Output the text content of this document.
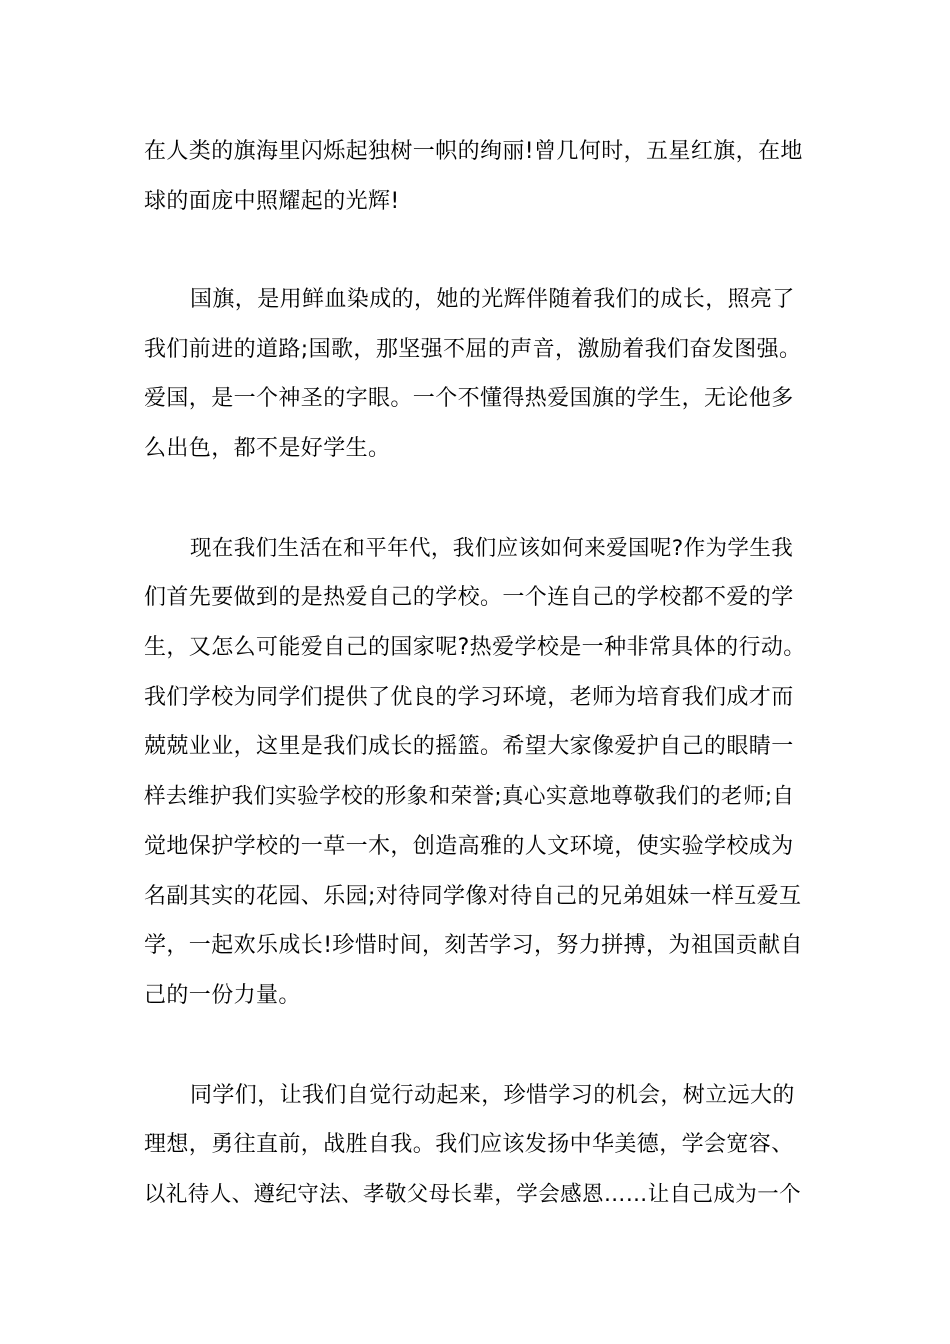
在人类的旗海里闪烁起独树一帜的绚丽!曾几何时，五星红旗，在地
球的面庞中照耀起的光辉!
国旗，是用鲜血染成的，她的光辉伴随着我们的成长，照亮了
我们前进的道路;国歌，那坚强不屈的声音，激励着我们奋发图强。
爱国，是一个神圣的字眼。一个不懂得热爱国旗的学生，无论他多
么出色，都不是好学生。
现在我们生活在和平年代，我们应该如何来爱国呢?作为学生我
们首先要做到的是热爱自己的学校。一个连自己的学校都不爱的学
生，又怎么可能爱自己的国家呢?热爱学校是一种非常具体的行动。
我们学校为同学们提供了优良的学习环境，老师为培育我们成才而
兢兢业业，这里是我们成长的摇篮。希望大家像爱护自己的眼睛一
样去维护我们实验学校的形象和荣誉;真心实意地尊敬我们的老师;自
觉地保护学校的一草一木，创造高雅的人文环境，使实验学校成为
名副其实的花园、乐园;对待同学像对待自己的兄弟姐妹一样互爱互
学，一起欢乐成长!珍惜时间，刻苦学习，努力拼搏，为祖国贡献自
己的一份力量。
同学们，让我们自觉行动起来，珍惜学习的机会，树立远大的
理想，勇往直前，战胜自我。我们应该发扬中华美德，学会宽容、
以礼待人、遵纪守法、孝敬父母长辈，学会感恩……让自己成为一个
